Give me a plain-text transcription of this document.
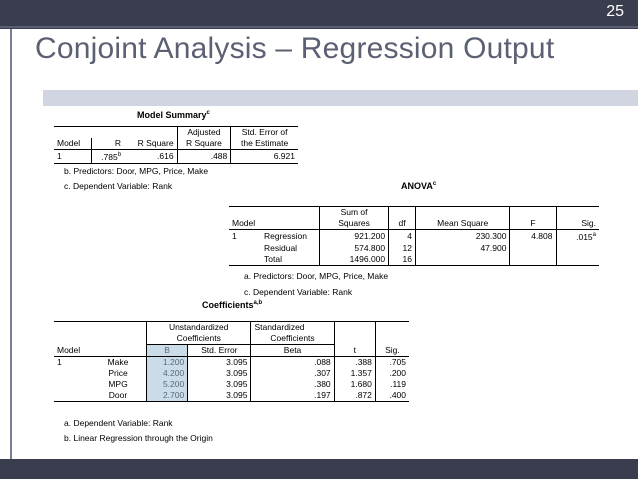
25
Conjoint Analysis – Regression Output
Model Summary$^c$
			Adjusted	Std. Error of
Model	R	R Square	R Square	the Estimate
1	.785$^b$	.616	.488	6.921
b. Predictors: Door, MPG, Price, Make
c. Dependent Variable: Rank	ANOVA$^c$
		Sum of				
Model		Squares	df	Mean Square	F	Sig.
1	Regression	921.200	4	230.300	4.808	.015$^a$
	Residual	574.800	12	47.900		
	Total	1496.000	16			
a. Predictors: Door, MPG, Price, Make
c. Dependent Variable: Rank
Coefficients$^{a,b}$
		Unstandardized		Standardized		
		Coefficients		Coefficients		
Model		B	Std. Error	Beta	t	Sig.
1	Make	1.200	3.095	.088	.388	.705
	Price	4.200	3.095	.307	1.357	.200
	MPG	5.200	3.095	.380	1.680	.119
	Door	2.700	3.095	.197	.872	.400
a. Dependent Variable: Rank
b. Linear Regression through the Origin
